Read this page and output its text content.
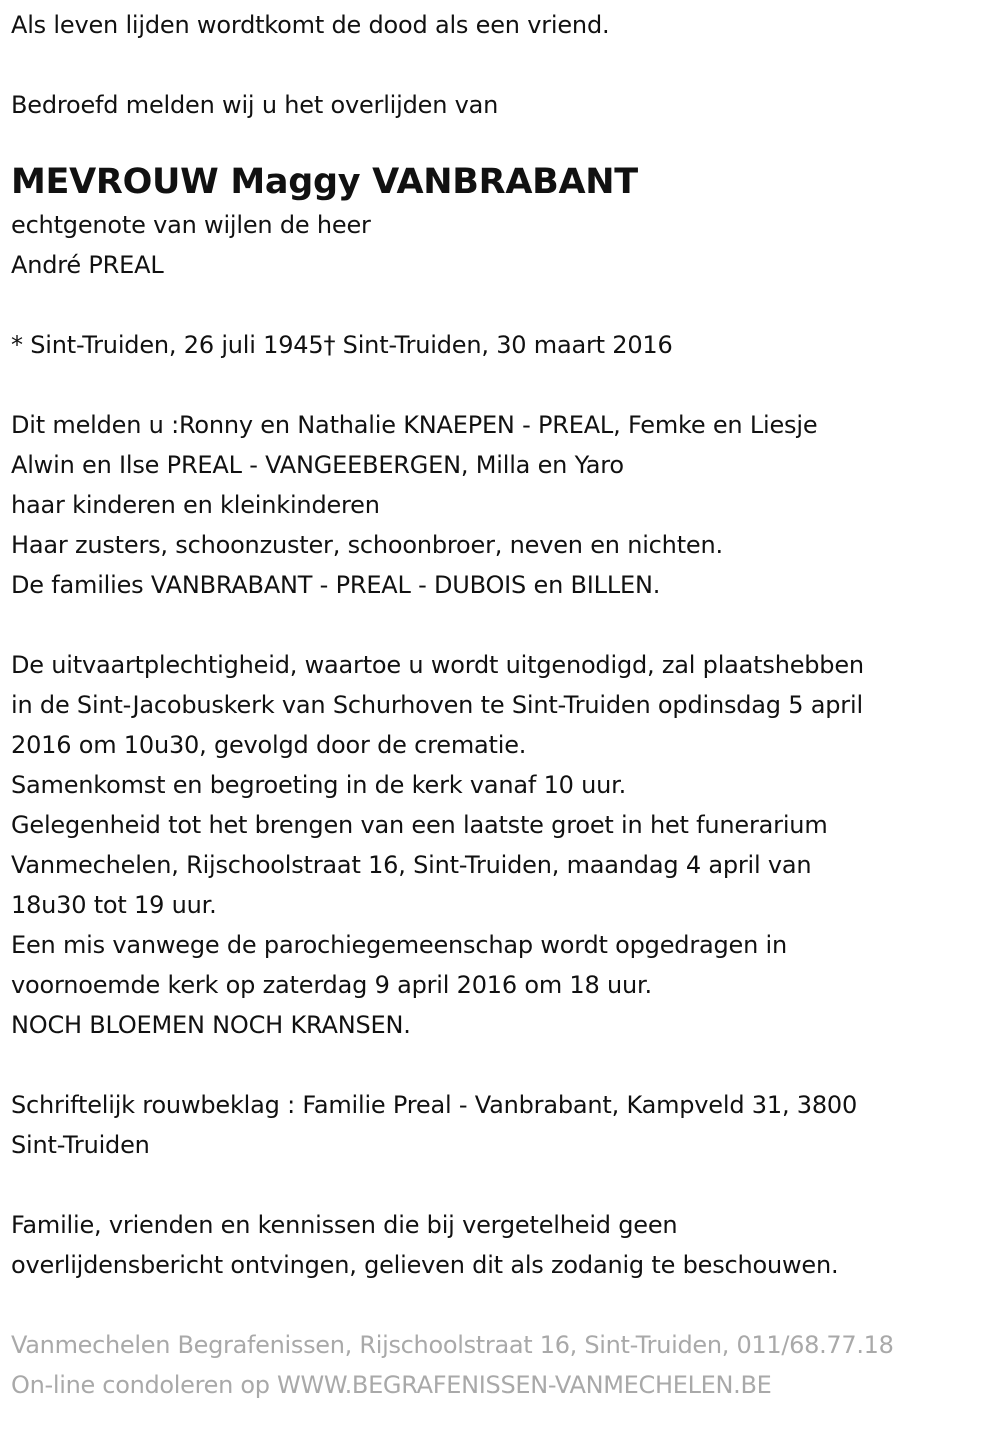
Als leven lijden wordtkomt de dood als een vriend.
Bedroefd melden wij u het overlijden van
MEVROUW Maggy VANBRABANT
echtgenote van wijlen de heer
André PREAL
* Sint-Truiden, 26 juli 1945† Sint-Truiden, 30 maart 2016
Dit melden u :Ronny en Nathalie KNAEPEN - PREAL, Femke en Liesje
Alwin en Ilse PREAL - VANGEEBERGEN, Milla en Yaro
haar kinderen en kleinkinderen
Haar zusters, schoonzuster, schoonbroer, neven en nichten.
De families VANBRABANT - PREAL - DUBOIS en BILLEN.
De uitvaartplechtigheid, waartoe u wordt uitgenodigd, zal plaatshebben
in de Sint-Jacobuskerk van Schurhoven te Sint-Truiden opdinsdag 5 april
2016 om 10u30, gevolgd door de crematie.
Samenkomst en begroeting in de kerk vanaf 10 uur.
Gelegenheid tot het brengen van een laatste groet in het funerarium
Vanmechelen, Rijschoolstraat 16, Sint-Truiden, maandag 4 april van
18u30 tot 19 uur.
Een mis vanwege de parochiegemeenschap wordt opgedragen in
voornoemde kerk op zaterdag 9 april 2016 om 18 uur.
NOCH BLOEMEN NOCH KRANSEN.
Schriftelijk rouwbeklag : Familie Preal - Vanbrabant, Kampveld 31, 3800
Sint-Truiden
Familie, vrienden en kennissen die bij vergetelheid geen
overlijdensbericht ontvingen, gelieven dit als zodanig te beschouwen.
Vanmechelen Begrafenissen, Rijschoolstraat 16, Sint-Truiden, 011/68.77.18
On-line condoleren op WWW.BEGRAFENISSEN-VANMECHELEN.BE
